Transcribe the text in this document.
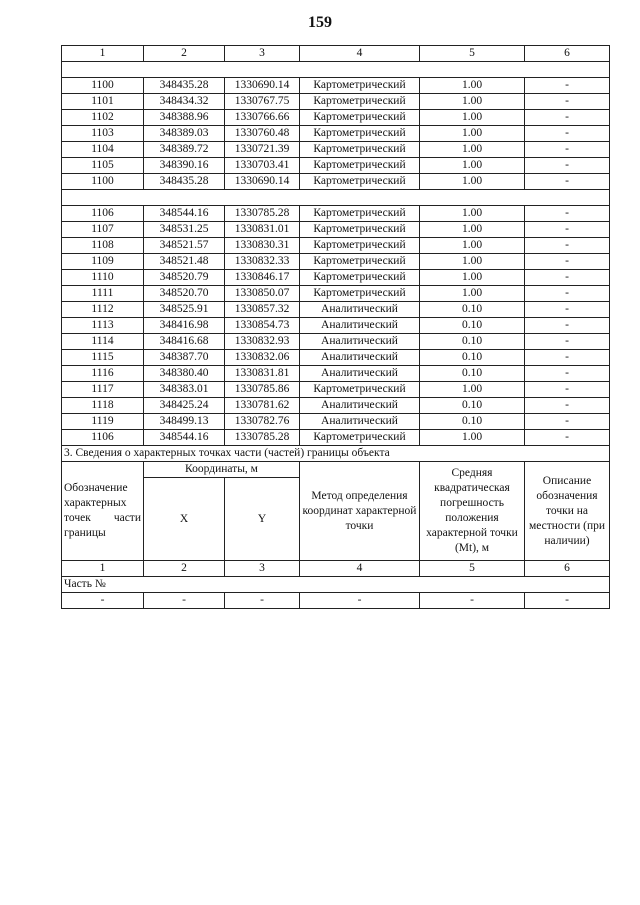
159
1	2	3	4	5	6

1100	348435.28	1330690.14	Картометрический	1.00	-
1101	348434.32	1330767.75	Картометрический	1.00	-
1102	348388.96	1330766.66	Картометрический	1.00	-
1103	348389.03	1330760.48	Картометрический	1.00	-
1104	348389.72	1330721.39	Картометрический	1.00	-
1105	348390.16	1330703.41	Картометрический	1.00	-
1100	348435.28	1330690.14	Картометрический	1.00	-

1106	348544.16	1330785.28	Картометрический	1.00	-
1107	348531.25	1330831.01	Картометрический	1.00	-
1108	348521.57	1330830.31	Картометрический	1.00	-
1109	348521.48	1330832.33	Картометрический	1.00	-
1110	348520.79	1330846.17	Картометрический	1.00	-
1111	348520.70	1330850.07	Картометрический	1.00	-
1112	348525.91	1330857.32	Аналитический	0.10	-
1113	348416.98	1330854.73	Аналитический	0.10	-
1114	348416.68	1330832.93	Аналитический	0.10	-
1115	348387.70	1330832.06	Аналитический	0.10	-
1116	348380.40	1330831.81	Аналитический	0.10	-
1117	348383.01	1330785.86	Картометрический	1.00	-
1118	348425.24	1330781.62	Аналитический	0.10	-
1119	348499.13	1330782.76	Аналитический	0.10	-
1106	348544.16	1330785.28	Картометрический	1.00	-
3. Сведения о характерных точках части (частей) границы объекта					
Обозначение характерных точек части границы	Координаты, м		Метод определения координат характерной точки	Средняя квадратическая погрешность положения характерной точки (Mt), м	Описание обозначения точки на местности (при наличии)
	X	Y			
1	2	3	4	5	6
Часть №					
-	-	-	-	-	-
